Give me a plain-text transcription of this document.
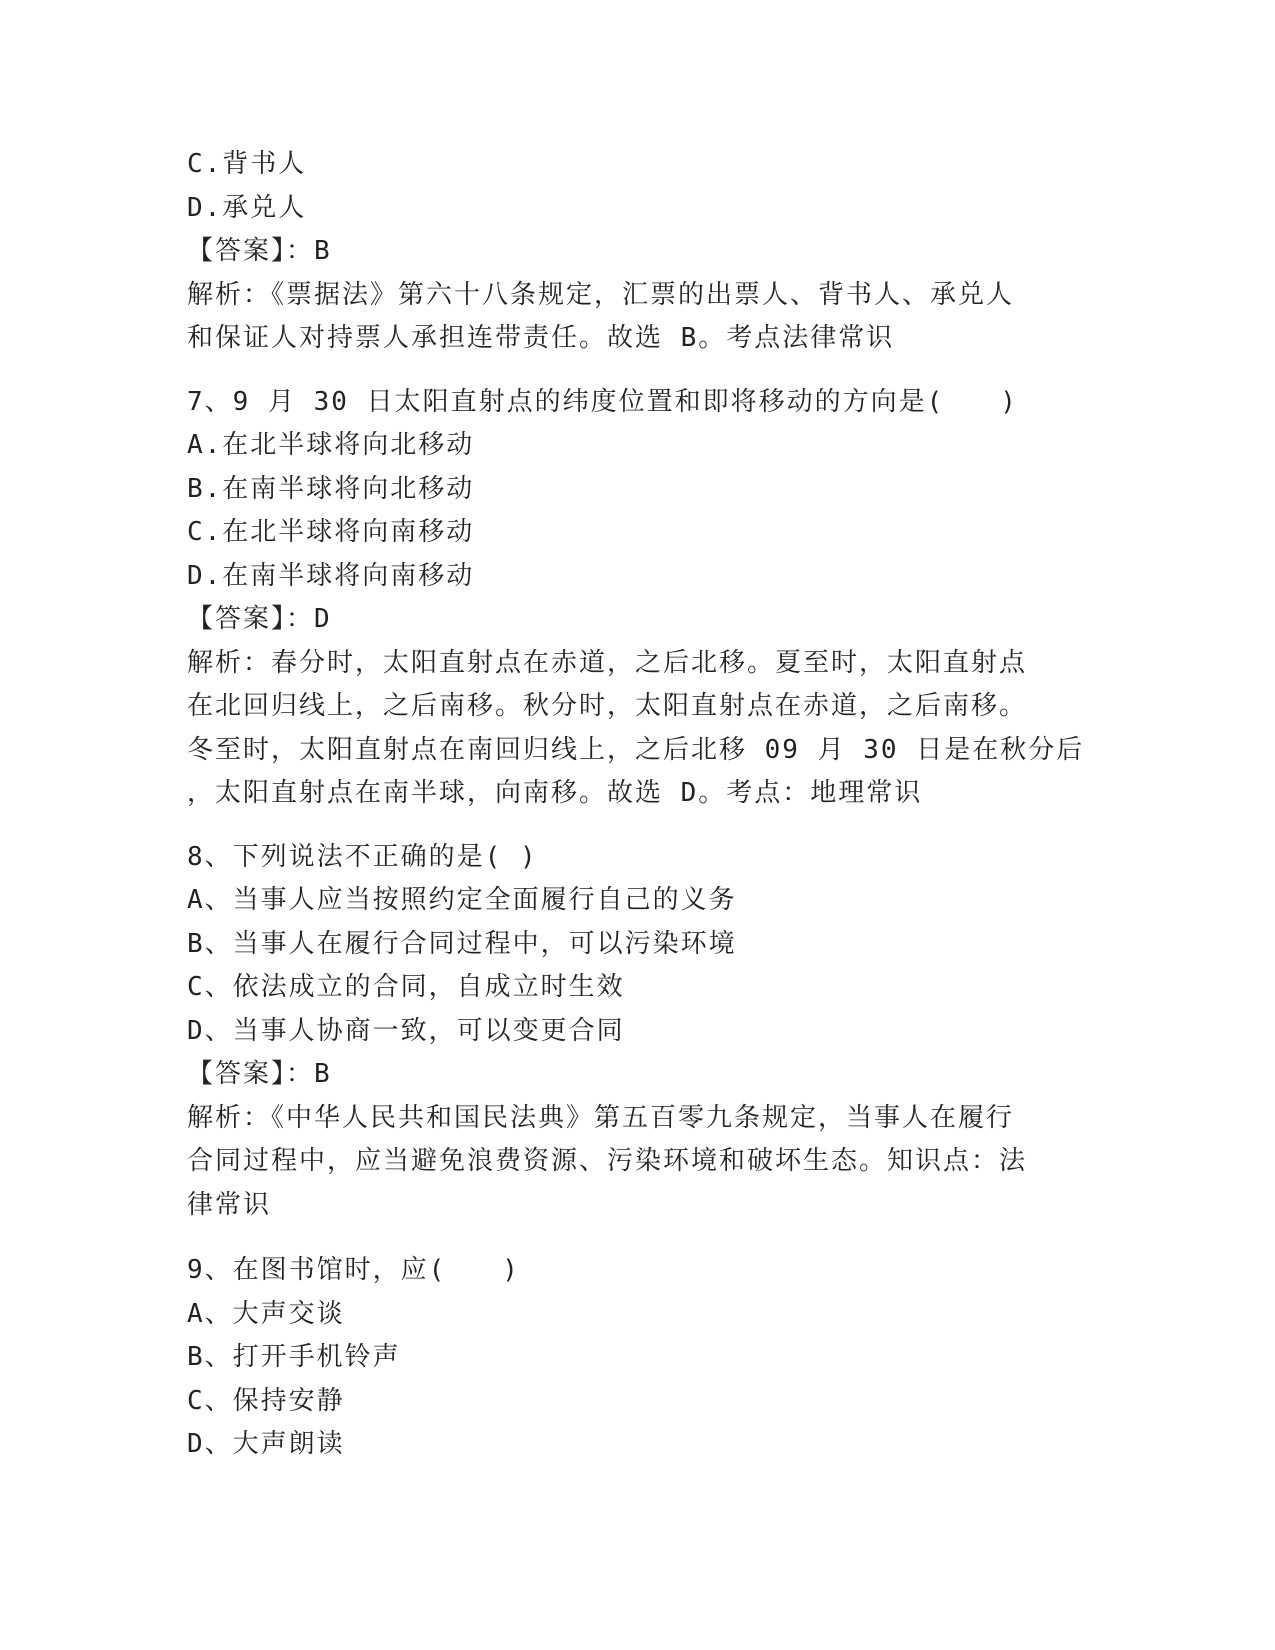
C.背书人

D.承兑人

【答案】：B

解析：《票据法》第六十八条规定，汇票的出票人、背书人、承兑人

和保证人对持票人承担连带责任。故选 B。考点法律常识

7、9 月 30 日太阳直射点的纬度位置和即将移动的方向是(　　)

A.在北半球将向北移动

B.在南半球将向北移动

C.在北半球将向南移动

D.在南半球将向南移动

【答案】：D

解析：春分时，太阳直射点在赤道，之后北移。夏至时，太阳直射点

在北回归线上，之后南移。秋分时，太阳直射点在赤道，之后南移。

冬至时，太阳直射点在南回归线上，之后北移 09 月 30 日是在秋分后

，太阳直射点在南半球，向南移。故选 D。考点：地理常识

8、下列说法不正确的是( )

A、当事人应当按照约定全面履行自己的义务

B、当事人在履行合同过程中，可以污染环境

C、依法成立的合同，自成立时生效

D、当事人协商一致，可以变更合同

【答案】：B

解析：《中华人民共和国民法典》第五百零九条规定，当事人在履行

合同过程中，应当避免浪费资源、污染环境和破坏生态。知识点：法

律常识

9、在图书馆时，应(　　)

A、大声交谈

B、打开手机铃声

C、保持安静

D、大声朗读
